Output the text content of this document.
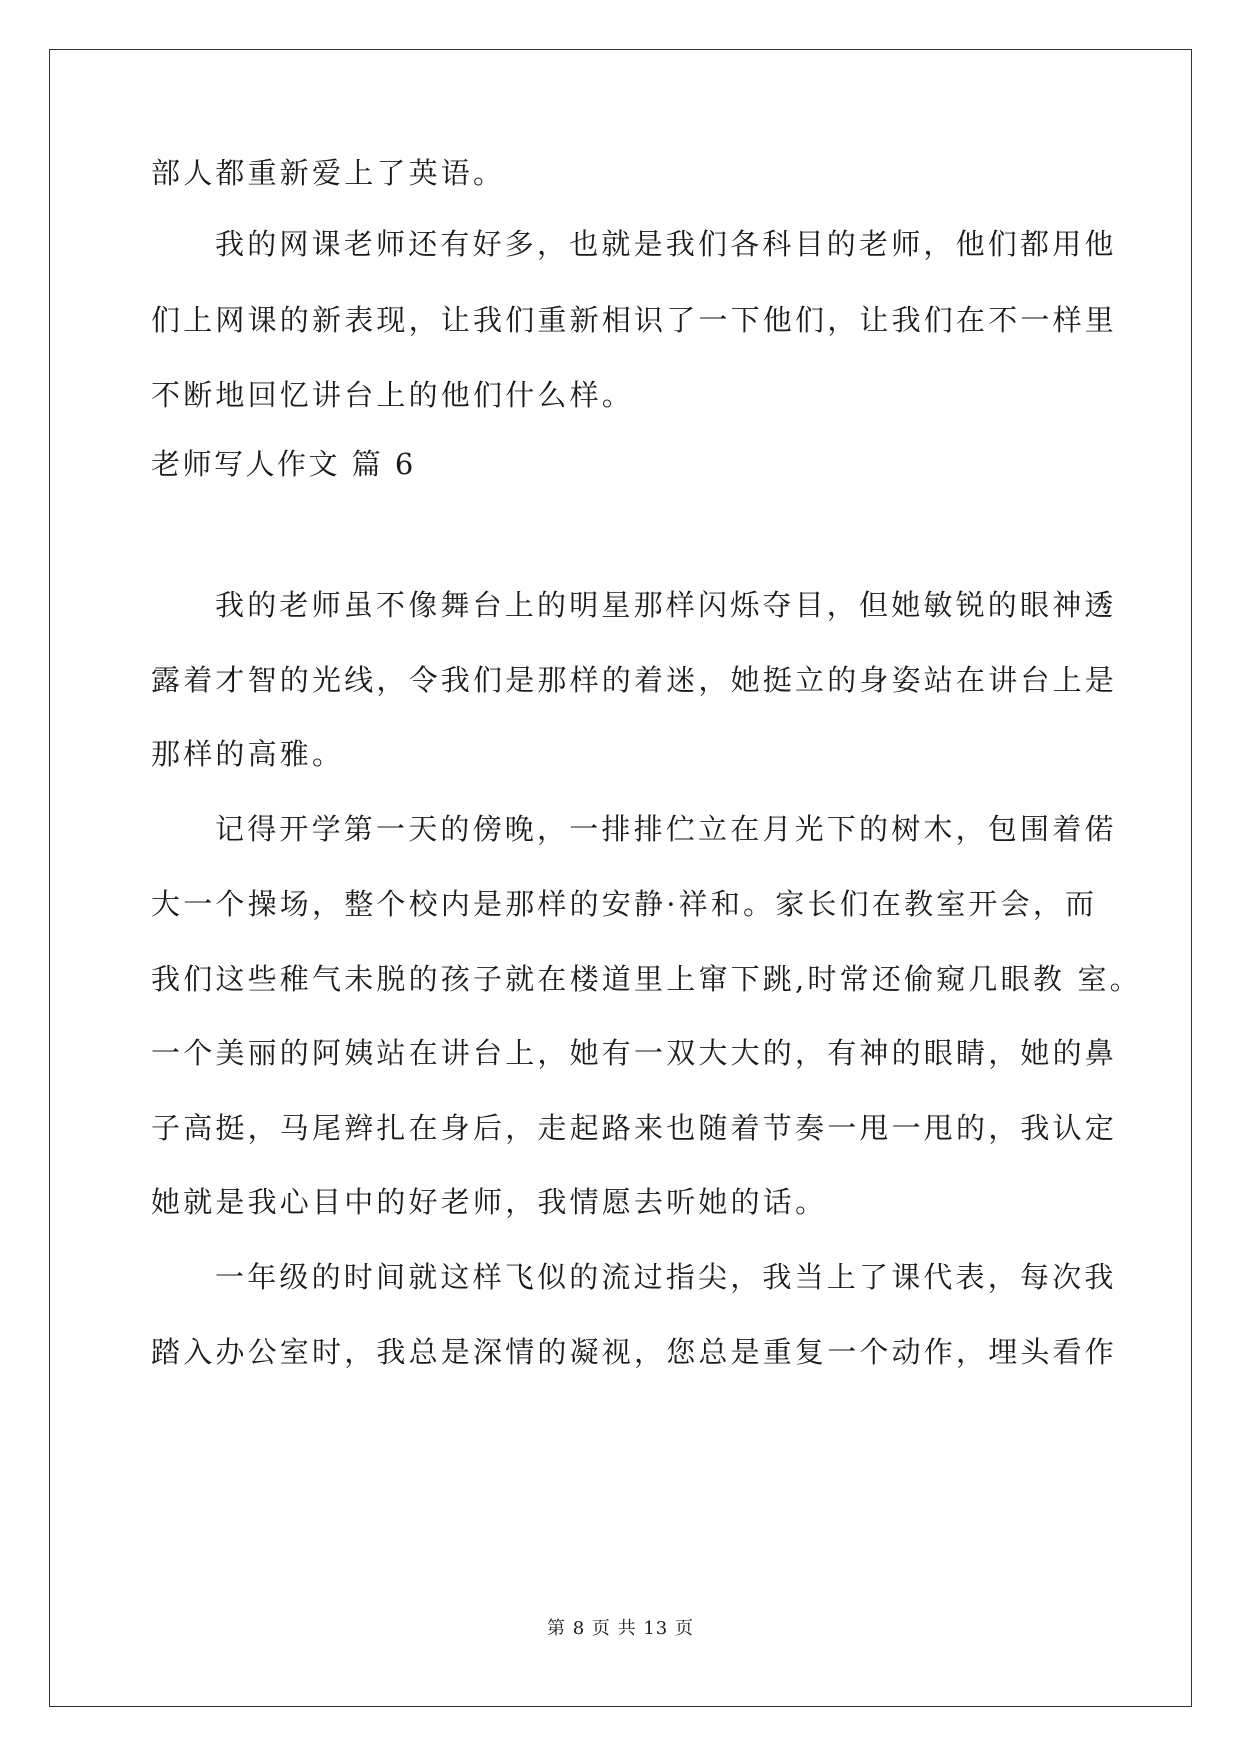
部人都重新爱上了英语。
我的网课老师还有好多，也就是我们各科目的老师，他们都用他
们上网课的新表现，让我们重新相识了一下他们，让我们在不一样里
不断地回忆讲台上的他们什么样。
老师写人作文 篇 6
我的老师虽不像舞台上的明星那样闪烁夺目，但她敏锐的眼神透
露着才智的光线，令我们是那样的着迷，她挺立的身姿站在讲台上是
那样的高雅。
记得开学第一天的傍晚，一排排伫立在月光下的树木，包围着偌
大一个操场，整个校内是那样的安静·祥和。家长们在教室开会，而
我们这些稚气未脱的孩子就在楼道里上窜下跳,时常还偷窥几眼教 室。
一个美丽的阿姨站在讲台上，她有一双大大的，有神的眼睛，她的鼻
子高挺，马尾辫扎在身后，走起路来也随着节奏一甩一甩的，我认定
她就是我心目中的好老师，我情愿去听她的话。
一年级的时间就这样飞似的流过指尖，我当上了课代表，每次我
踏入办公室时，我总是深情的凝视，您总是重复一个动作，埋头看作
第 8 页 共 13 页
